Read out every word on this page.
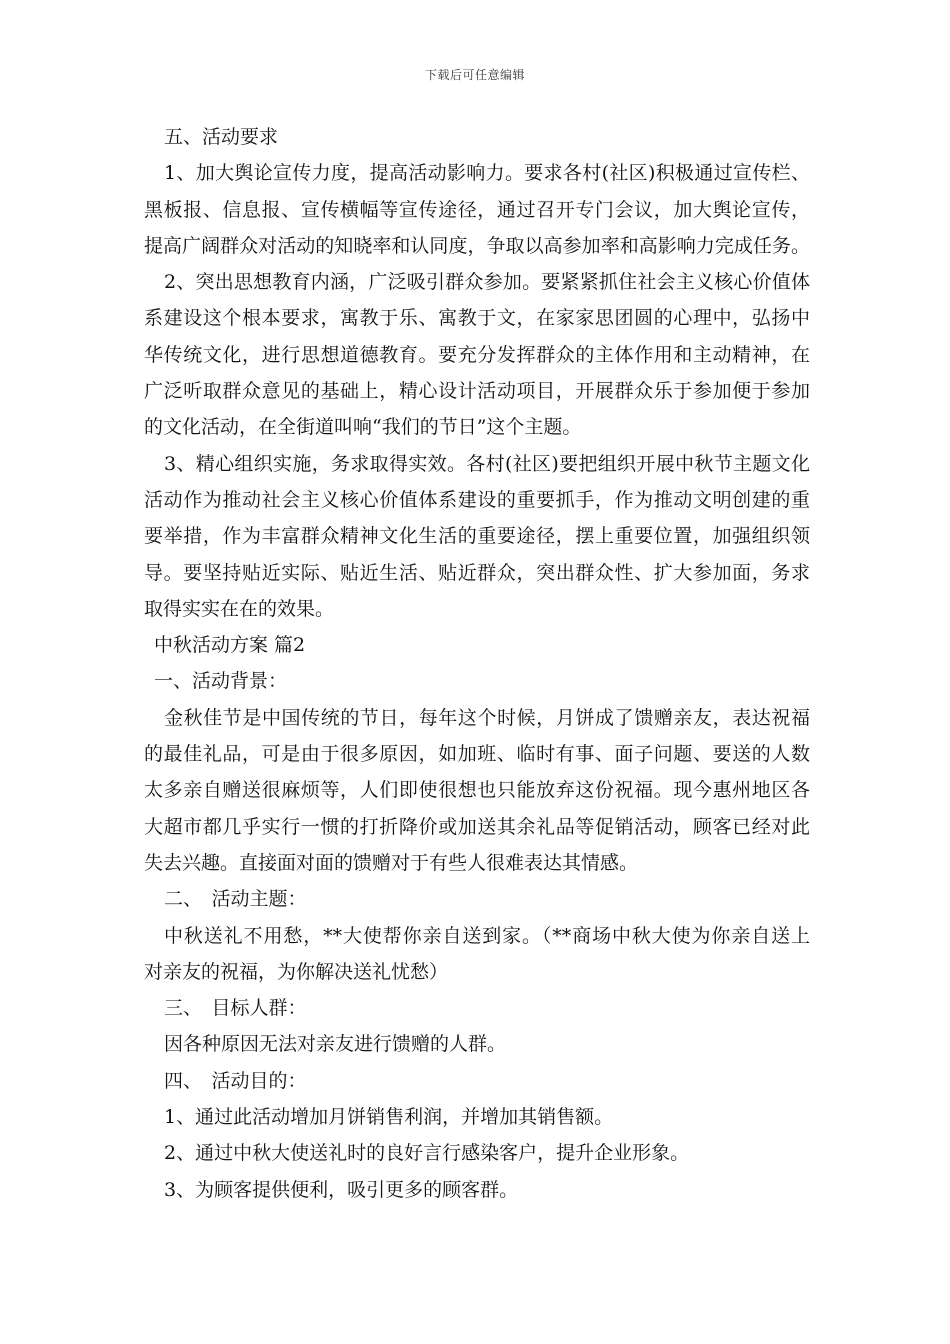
下载后可任意编辑
五、活动要求
1、加大舆论宣传力度，提高活动影响力。要求各村(社区)积极通过宣传栏、
黑板报、信息报、宣传横幅等宣传途径，通过召开专门会议，加大舆论宣传，
提高广阔群众对活动的知晓率和认同度，争取以高参加率和高影响力完成任务。
2、突出思想教育内涵，广泛吸引群众参加。要紧紧抓住社会主义核心价值体
系建设这个根本要求，寓教于乐、寓教于文，在家家思团圆的心理中，弘扬中
华传统文化，进行思想道德教育。要充分发挥群众的主体作用和主动精神，在
广泛听取群众意见的基础上，精心设计活动项目，开展群众乐于参加便于参加
的文化活动，在全街道叫响“我们的节日”这个主题。
3、精心组织实施，务求取得实效。各村(社区)要把组织开展中秋节主题文化
活动作为推动社会主义核心价值体系建设的重要抓手，作为推动文明创建的重
要举措，作为丰富群众精神文化生活的重要途径，摆上重要位置，加强组织领
导。要坚持贴近实际、贴近生活、贴近群众，突出群众性、扩大参加面，务求
取得实实在在的效果。
中秋活动方案 篇2
一、活动背景：
金秋佳节是中国传统的节日，每年这个时候，月饼成了馈赠亲友，表达祝福
的最佳礼品，可是由于很多原因，如加班、临时有事、面子问题、要送的人数
太多亲自赠送很麻烦等，人们即使很想也只能放弃这份祝福。现今惠州地区各
大超市都几乎实行一惯的打折降价或加送其余礼品等促销活动，顾客已经对此
失去兴趣。直接面对面的馈赠对于有些人很难表达其情感。
二、　活动主题：
中秋送礼不用愁，**大使帮你亲自送到家。（**商场中秋大使为你亲自送上
对亲友的祝福，为你解决送礼忧愁）
三、　目标人群：
因各种原因无法对亲友进行馈赠的人群。
四、　活动目的：
1、通过此活动增加月饼销售利润，并增加其销售额。
2、通过中秋大使送礼时的良好言行感染客户，提升企业形象。
3、为顾客提供便利，吸引更多的顾客群。
